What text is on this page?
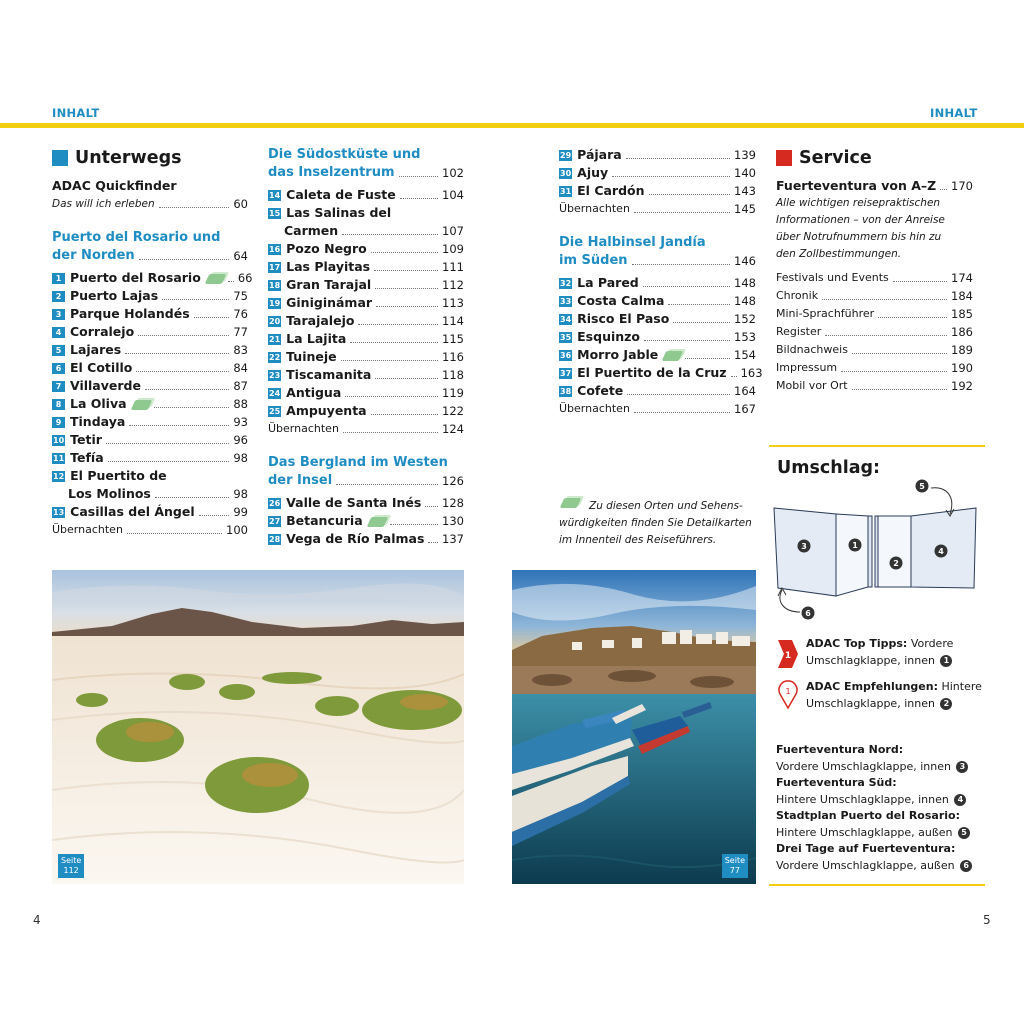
INHALT	INHALT
Unterwegs
ADAC Quickfinder
Das will ich erleben	60
Puerto del Rosario und
der Norden	64
1 Puerto del Rosario	66
2 Puerto Lajas	75
3 Parque Holandés	76
4 Corralejo	77
5 Lajares	83
6 El Cotillo	84
7 Villaverde	87
8 La Oliva	88
9 Tindaya	93
10 Tetir	96
11 Tefía	98
12 El Puertito de
Los Molinos	98
13 Casillas del Ángel	99
Übernachten	100
Die Südostküste und
das Inselzentrum	102
14 Caleta de Fuste	104
15 Las Salinas del
Carmen	107
16 Pozo Negro	109
17 Las Playitas	111
18 Gran Tarajal	112
19 Giniginámar	113
20 Tarajalejo	114
21 La Lajita	115
22 Tuineje	116
23 Tiscamanita	118
24 Antigua	119
25 Ampuyenta	122
Übernachten	124
Das Bergland im Westen
der Insel	126
26 Valle de Santa Inés 128
27 Betancuria	130
28 Vega de Río Palmas 137
29 Pájara	139
30 Ajuy	140
31 El Cardón	143
Übernachten	145
Die Halbinsel Jandía
im Süden	146
32 La Pared	148
33 Costa Calma	148
34 Risco El Paso	152
35 Esquinzo	153
36 Morro Jable	154
37 El Puertito de la Cruz 163
38 Cofete	164
Übernachten	167
Zu diesen Orten und Sehens-
würdigkeiten finden Sie Detailkarten
im Innenteil des Reiseführers.
Service
Fuerteventura von A–Z 170
Alle wichtigen reisepraktischen
Informationen – von der Anreise
über Notrufnummern bis hin zu
den Zollbestimmungen.
Festivals und Events	174
Chronik	184
Mini-Sprachführer	185
Register	186
Bildnachweis	189
Impressum	190
Mobil vor Ort	192
Umschlag:
3	1
2
4
5
6
1
ADAC Top Tipps: Vordere
Umschlagklappe, innen 1
1 ADAC Empfehlungen: Hintere
Umschlagklappe, innen 2
Fuerteventura Nord:
Vordere Umschlagklappe, innen 3
Fuerteventura Süd:
Hintere Umschlagklappe, innen 4
Stadtplan Puerto del Rosario:
Hintere Umschlagklappe, außen 5
Drei Tage auf Fuerteventura:
Vordere Umschlagklappe, außen 6
Seite
112
Seite
77
4	5
